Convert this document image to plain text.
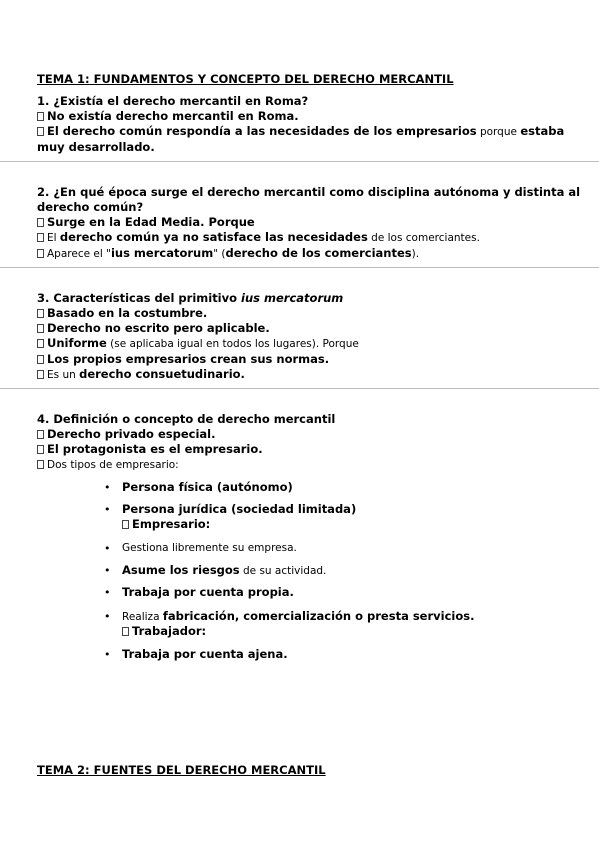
TEMA 1: FUNDAMENTOS Y CONCEPTO DEL DERECHO MERCANTIL
1. ¿Existía el derecho mercantil en Roma?
No existía derecho mercantil en Roma.
El derecho común respondía a las necesidades de los empresarios porque estaba
muy desarrollado.
2. ¿En qué época surge el derecho mercantil como disciplina autónoma y distinta al
derecho común?
Surge en la Edad Media. Porque
El derecho común ya no satisface las necesidades de los comerciantes.
Aparece el "ius mercatorum" (derecho de los comerciantes).
3. Características del primitivo ius mercatorum
Basado en la costumbre.
Derecho no escrito pero aplicable.
Uniforme (se aplicaba igual en todos los lugares). Porque
Los propios empresarios crean sus normas.
Es un derecho consuetudinario.
4. Definición o concepto de derecho mercantil
Derecho privado especial.
El protagonista es el empresario.
Dos tipos de empresario:
• Persona física (autónomo)
• Persona jurídica (sociedad limitada)
Empresario:
• Gestiona libremente su empresa.
• Asume los riesgos de su actividad.
• Trabaja por cuenta propia.
• Realiza fabricación, comercialización o presta servicios.
Trabajador:
• Trabaja por cuenta ajena.
TEMA 2: FUENTES DEL DERECHO MERCANTIL
